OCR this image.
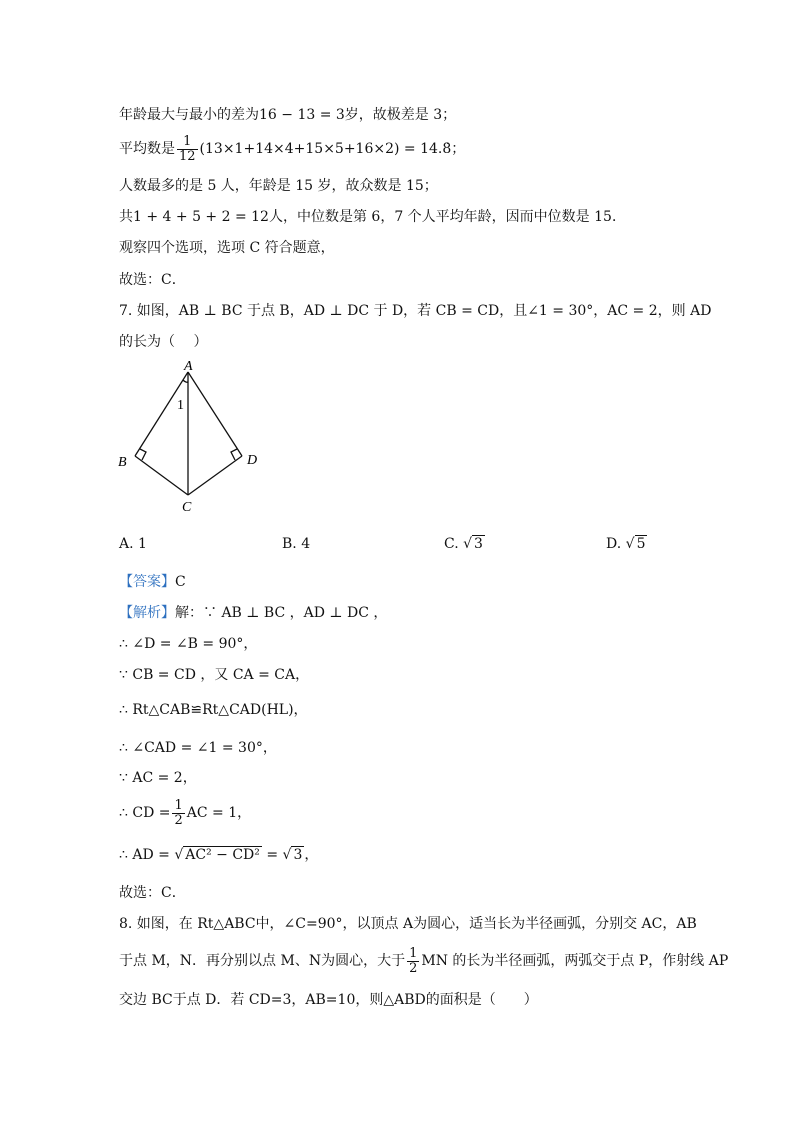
年龄最大与最小的差为16 − 13 = 3岁，故极差是 3；
平均数是 $\frac{1}{12} (13\times 1+14\times 4+15\times 5+16\times 2)$ = 14.8̇；
人数最多的是 5 人，年龄是 15 岁，故众数是 15；
共1 + 4 + 5 + 2 = 12人，中位数是第 6，7 个人平均年龄，因而中位数是 15．
观察四个选项，选项 C 符合题意，
故选：C．
7. 如图，AB ⊥ BC 于点 B，AD ⊥ DC 于 D，若 CB = CD，且∠1 = 30°，AC = 2，则 AD
的长为（　 ）
A
B
C
D
1
A. 1	B. 4	C. √ 3	D. √ 5
【答案】C
【解析】解：∵ AB ⊥ BC ，AD ⊥ DC ，
∴ ∠D = ∠B = 90°，
∵ CB = CD ，又 CA = CA，
∴ Rt△CAB≌Rt△CAD(HL)，
∴ ∠CAD = ∠1 = 30°，
∵ AC = 2，
∴ CD = $\frac{1}{2}$ AC = 1，
∴ AD = √ AC² − CD² = √ 3 ，
故选：C．
8. 如图，在 Rt△ABC中，∠C=90°，以顶点 A为圆心，适当长为半径画弧，分别交 AC，AB
于点 M，N．再分别以点 M、N为圆心，大于 $\frac{1}{2}$ MN 的长为半径画弧，两弧交于点 P，作射线 AP
交边 BC于点 D．若 CD=3，AB=10，则△ABD的面积是（　　）
